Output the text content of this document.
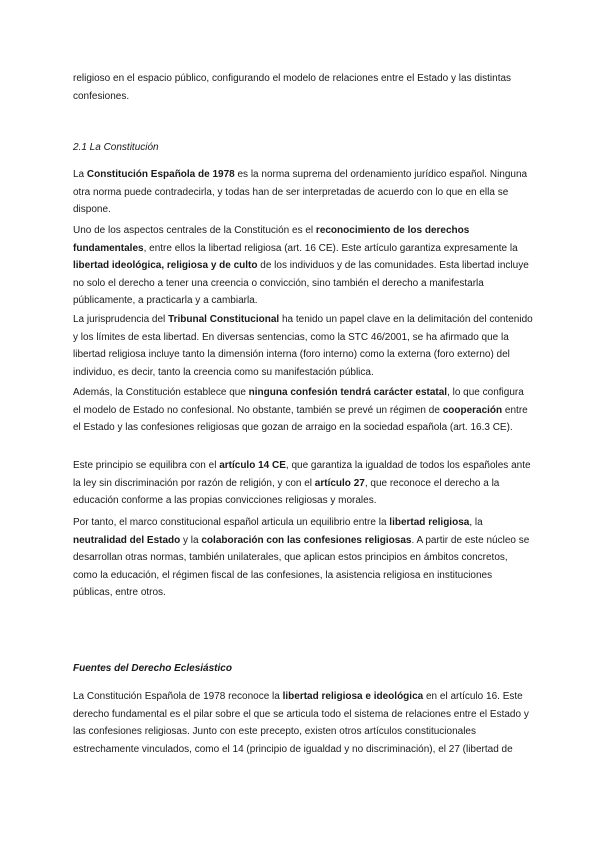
religioso en el espacio público, configurando el modelo de relaciones entre el Estado y las distintas confesiones.

2.1 La Constitución

La Constitución Española de 1978 es la norma suprema del ordenamiento jurídico español. Ninguna otra norma puede contradecirla, y todas han de ser interpretadas de acuerdo con lo que en ella se dispone.

Uno de los aspectos centrales de la Constitución es el reconocimiento de los derechos fundamentales, entre ellos la libertad religiosa (art. 16 CE). Este artículo garantiza expresamente la libertad ideológica, religiosa y de culto de los individuos y de las comunidades. Esta libertad incluye no solo el derecho a tener una creencia o convicción, sino también el derecho a manifestarla públicamente, a practicarla y a cambiarla.

La jurisprudencia del Tribunal Constitucional ha tenido un papel clave en la delimitación del contenido y los límites de esta libertad. En diversas sentencias, como la STC 46/2001, se ha afirmado que la libertad religiosa incluye tanto la dimensión interna (foro interno) como la externa (foro externo) del individuo, es decir, tanto la creencia como su manifestación pública.

Además, la Constitución establece que ninguna confesión tendrá carácter estatal, lo que configura el modelo de Estado no confesional. No obstante, también se prevé un régimen de cooperación entre el Estado y las confesiones religiosas que gozan de arraigo en la sociedad española (art. 16.3 CE).

Este principio se equilibra con el artículo 14 CE, que garantiza la igualdad de todos los españoles ante la ley sin discriminación por razón de religión, y con el artículo 27, que reconoce el derecho a la educación conforme a las propias convicciones religiosas y morales.

Por tanto, el marco constitucional español articula un equilibrio entre la libertad religiosa, la neutralidad del Estado y la colaboración con las confesiones religiosas. A partir de este núcleo se desarrollan otras normas, también unilaterales, que aplican estos principios en ámbitos concretos, como la educación, el régimen fiscal de las confesiones, la asistencia religiosa en instituciones públicas, entre otros.

Fuentes del Derecho Eclesiástico

La Constitución Española de 1978 reconoce la libertad religiosa e ideológica en el artículo 16. Este derecho fundamental es el pilar sobre el que se articula todo el sistema de relaciones entre el Estado y las confesiones religiosas. Junto con este precepto, existen otros artículos constitucionales estrechamente vinculados, como el 14 (principio de igualdad y no discriminación), el 27 (libertad de
